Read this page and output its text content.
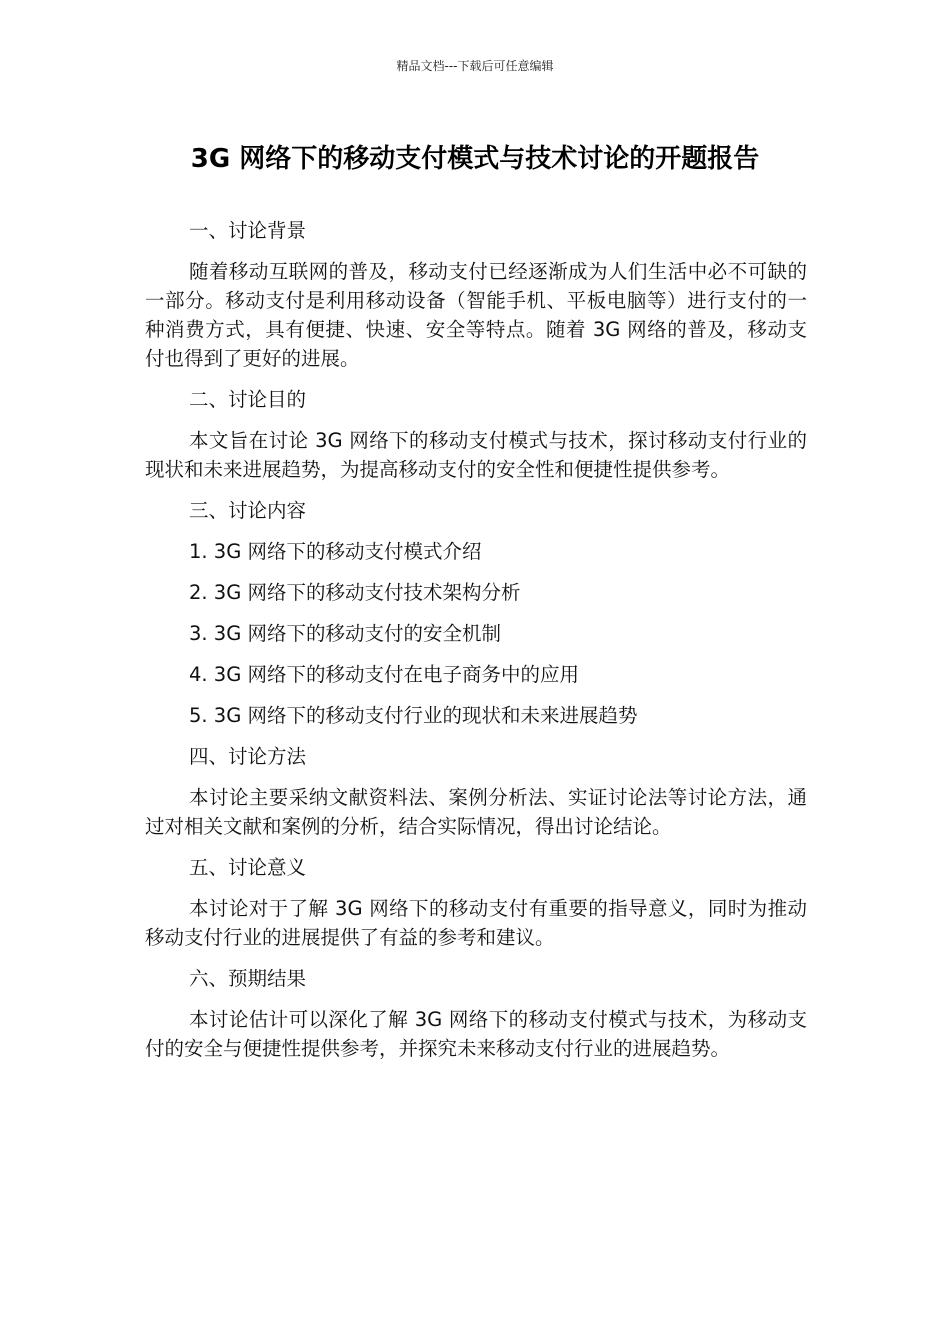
精品文档---下载后可任意编辑
3G 网络下的移动支付模式与技术讨论的开题报告

一、讨论背景

随着移动互联网的普及，移动支付已经逐渐成为人们生活中必不可缺的一部分。移动支付是利用移动设备（智能手机、平板电脑等）进行支付的一种消费方式，具有便捷、快速、安全等特点。随着 3G 网络的普及，移动支付也得到了更好的进展。

二、讨论目的

本文旨在讨论 3G 网络下的移动支付模式与技术，探讨移动支付行业的现状和未来进展趋势，为提高移动支付的安全性和便捷性提供参考。

三、讨论内容

1. 3G 网络下的移动支付模式介绍

2. 3G 网络下的移动支付技术架构分析

3. 3G 网络下的移动支付的安全机制

4. 3G 网络下的移动支付在电子商务中的应用

5. 3G 网络下的移动支付行业的现状和未来进展趋势

四、讨论方法

本讨论主要采纳文献资料法、案例分析法、实证讨论法等讨论方法，通过对相关文献和案例的分析，结合实际情况，得出讨论结论。

五、讨论意义

本讨论对于了解 3G 网络下的移动支付有重要的指导意义，同时为推动移动支付行业的进展提供了有益的参考和建议。

六、预期结果

本讨论估计可以深化了解 3G 网络下的移动支付模式与技术，为移动支付的安全与便捷性提供参考，并探究未来移动支付行业的进展趋势。
